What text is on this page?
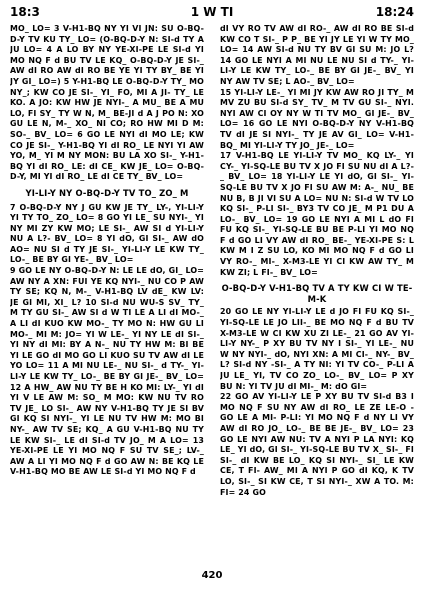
18:3	1 W TI	18:24

MO_ LO= 3 V-H1-BQ NY YI VI JN: SU O-BQ-D-Y TV KU TY_ LO= (O-BQ-D-Y N: SI-d TY A JU LO= 4 A LO BY NY YE-XI-PE LE SI-d YI MO NQ F d BU TV LE KQ_ O-BQ-D-Y JE SI-_ AW dI RO AW dI RO BE YE YI TY BY_ BE YI JY GI_ LO=) 5 Y-H1-BQ LE O-BQ-D-Y TY_ MO NY_; KW CO JE SI-_ YI_ FO, MI A JI- TY_ LE KO. A JO: KW HW JE NYI-_ A MU_ BE A MU LO, FI SY_ TY W N, M_ BE-JI d A J PO N: XO GU LE N, M-_ XO_ NI CO; RO HW MI D M: SO-_ BV_ LO= 6 GO LE NYI dI MO LE; KW CO JE SI-_ Y-H1-BQ YI dI RO_ LE NYI YI AW YO, M_ YI M NY MON: BU LA XO SI-_ Y-H1-BQ YI dI RO_ LE: dI CE_ KW JE_ LO= O-BQ-D-Y, MI YI dI RO_ LE dI CE TY_ BV_ LO=

YI-LI-Y NY O-BQ-D-Y TV TO_ ZO_ M

7 O-BQ-D-Y NY J GU KW JE TY_ LY-, YI-LI-Y YI TY TO_ ZO_ LO= 8 GO YI LE_ SU NYI-_ YI NY MI ZY KW MO; LE SI-_ AW SI d YI-LI-Y NU A L?- BV_ LO= 8 YI dO, GI SI-_ AW dO AO= NU SI d TY JE SI-_ YI-LI-Y LE KW TY_ LO-_ BE BY GI YE-_ BV_ LO=

9 GO LE NY O-BQ-D-Y N: LE LE dO, GI_ LO= AW NY A XN: FUI YE KQ NYI-_ NU CO P AW TY SE; KQ N, M-_ V-H1-BQ LV dE_ KW LV: JE GI MI, XI_ L? 10 SI-d NU WU-S SV_ TY_ M TY GU SI-_ AW SI d W TI LE A LI dI MO-_ A LI dI KUO KW MO-_ TY MO N: HW GU LI MO-_ MI M: JO= YI W LE-_ YI NY LE dI SI-_ YI NY dI MI: BY A N-_ NU TY HW M: BI BE YI LE GO dI MO GO LI KUO SU TV AW dI LE YO LO= 11 A MI NU LE-_ NU SI-_ d TY-_ YI-LI-Y LE KW TY_ LO-_ BE BY GI JE-_ BV_ LO= 12 A HW_ AW NU TY BE H KO MI: LY-_ YI dI YI V LE AW M: SO_ M MO: KW NU TV RO TV JE_ LO SI-_ AW NY V-H1-BQ TY JE SI BV GI KQ SI NYI-_ YI LE NU TV HW M: MO BI NY-_ AW TV SE; KQ_ A GU V-H1-BQ NU TY LE KW SI-_ LE dI SI-d TV JO_ M A LO= 13 YE-XI-PE LE YI MO NQ F SU TV SE_; LV-_ AW A LI YI MO NQ F d GO AW N: BE KQ LE V-H1-BQ MO BE AW LE SI-d YI MO NQ F d

dI VY RO TV AW dI RO-_ AW dI RO BE SI-d KW CO T SI-_ P P_ BE YI JY LE YI W TY MO_ LO= 14 AW SI-d NU TY BV GI SU M: JO L? 14 GO LE NYI A MI NU LE NU SI d TY-_ YI-LI-Y LE KW TY_ LO-_ BE BY GI JE-_ BV_ YI NY AW TV SE; L AO-_ BV_ LO=

15 YI-LI-Y LE-_ YI MI JY KW AW RO JI TY_ M MV ZU BU SI-d SY_ TV_ M TV GU SI-_ NYI. NYI AW CI OY NY W TI TV MO_ GI JE-_ BV_ LO= 16 GO LE NYI O-BQ-D-Y NY V-H1-BQ TV dI JE SI NYI-_ TY JE AV GI_ LO= V-H1-BQ_ MI YI-LI-Y TY JO_ JE-_ LO=

17 V-H1-BQ LE YI-LI-Y TV MO_ KQ LY-_ YI CY-_ YI-SQ-LE BU TV X JO FI SU NU dI A L?-_ BV_ LO= 18 YI-LI-Y LE YI dO, GI SI-_ YI-SQ-LE BU TV X JO FI SU AW M: A-_ NU_ BE NU B, B JI VI SU A LO= NU N: SI-d W TV LO KQ SI-_ P-LI SI-_ BY3 TV CO JE_ M P1 DU A LO-_ BV_ LO= 19 GO LE NYI A MI L dO FI FU KQ SI-_ YI-SQ-LE BU BE P-LI YI MO NQ F d GO LI VY AW dI RO_ BE-_ YE-XI-PE S: L KW M I Z SU LO, KO MI MO NQ F d GO LI VY RO-_ MI-_ X-M3-LE YI CI KW AW TY_ M KW ZI; L FI-_ BV_ LO=

O-BQ-D-Y V-H1-BQ TV A TY KW CI W TE-M-K

20 GO LE NY YI-LI-Y LE d JO FI FU KQ SI-_ YI-SQ-LE LE JO LII-_ BE MO NQ F d BU TV X-M3-LE W CI KW XU ZI LE-_ 21 GO AV YI-LI-Y NY-_ P XY BU TV NY I SI-_ YI LE-_ NU W NY NYI-_ dO, NYI XN: A MI CI-_ NY-_ BV_ L? SI-d NY -SI-_ A TY NI: YI TV CO-_ P-LI A JU LE_ YI, TV CO ZO_ LO-_ BV_ LO= P XY BU N: YI TV JU dI MI-_ M: dO GI=

22 GO AV YI-LI-Y LE P XY BU TV SI-d B3 I MO NQ F SU NY AW dI RO_ LE ZE LE-O - GO LE A MI- P-LI: YI MO NQ F d NY LI VY AW dI RO JO_ LO-_ BE BE JE-_ BV_ LO= 23 GO LE NYI AW NU: TV A NYI P LA NYI: KQ LE_ YI dO, GI SI-_ YI-SQ-LE BU TV X_ SI-_ FI SI-_ dI KW BE LO_ KQ SI NYI-_ SI_ LE KW CE, T FI- AW_ MI A NYI P GO dI KQ, K TV LO, SI-_ SI KW CE, T SI NYI-_ XW A TO. M: FI= 24 GO

420
